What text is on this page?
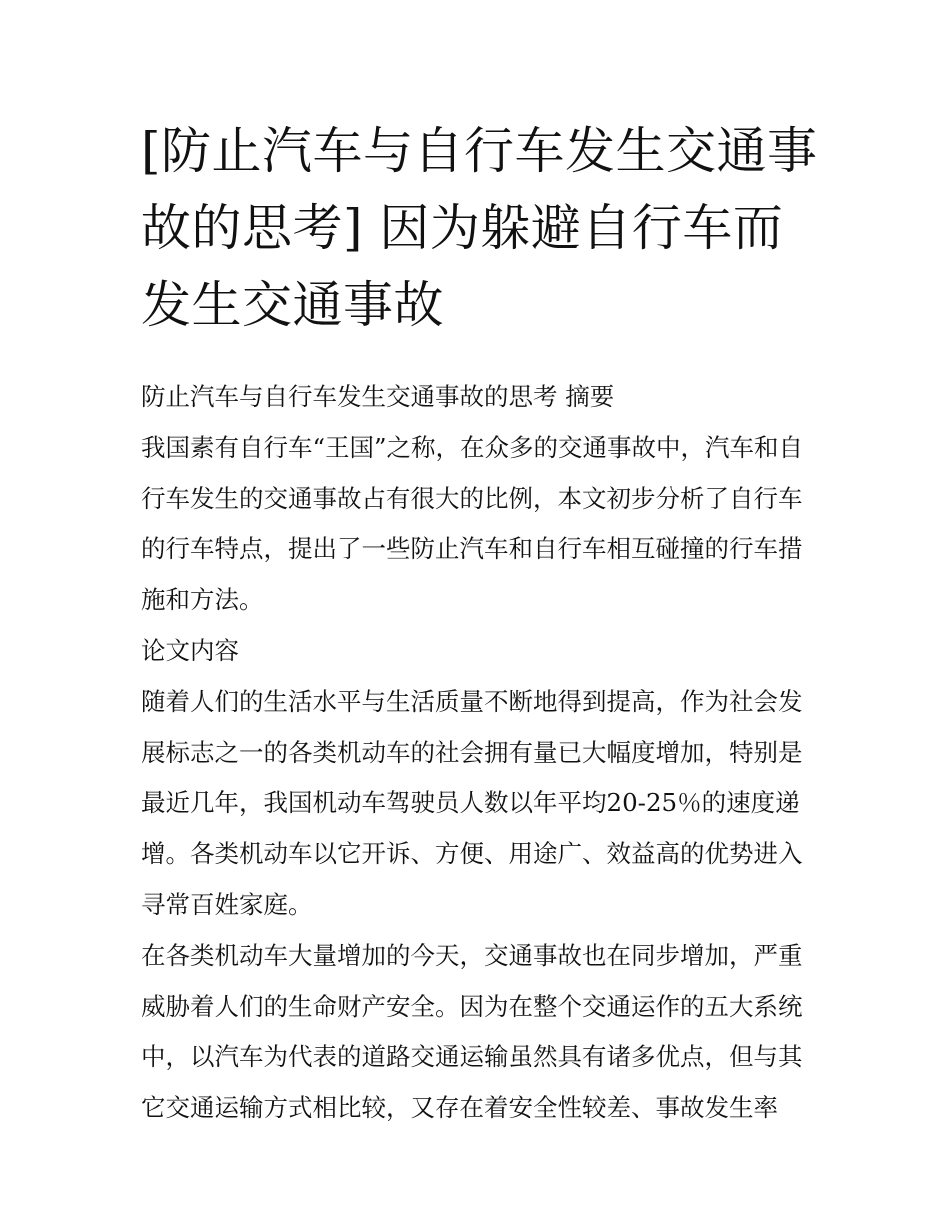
[防止汽车与自行车发生交通事故的思考] 因为躲避自行车而发生交通事故

防止汽车与自行车发生交通事故的思考 摘要

我国素有自行车“王国”之称，在众多的交通事故中，汽车和自行车发生的交通事故占有很大的比例，本文初步分析了自行车的行车特点，提出了一些防止汽车和自行车相互碰撞的行车措施和方法。

论文内容

随着人们的生活水平与生活质量不断地得到提高，作为社会发展标志之一的各类机动车的社会拥有量已大幅度增加，特别是最近几年，我国机动车驾驶员人数以年平均20-25％的速度递增。各类机动车以它开诉、方便、用途广、效益高的优势进入寻常百姓家庭。

在各类机动车大量增加的今天，交通事故也在同步增加，严重威胁着人们的生命财产安全。因为在整个交通运作的五大系统中，以汽车为代表的道路交通运输虽然具有诸多优点，但与其它交通运输方式相比较，又存在着安全性较差、事故发生率
